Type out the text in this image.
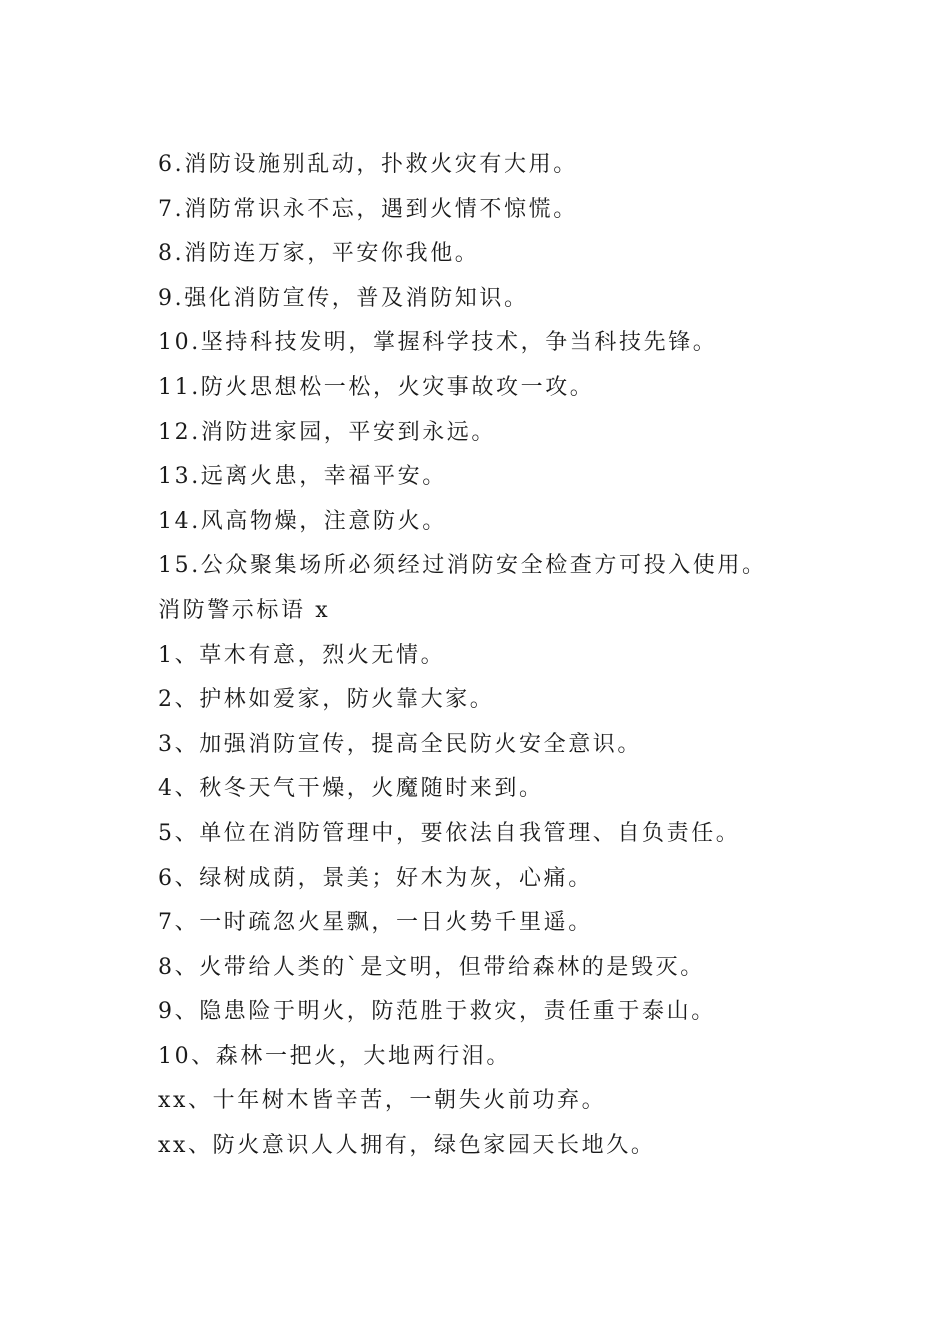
6.消防设施别乱动，扑救火灾有大用。
7.消防常识永不忘，遇到火情不惊慌。
8.消防连万家，平安你我他。
9.强化消防宣传，普及消防知识。
10.坚持科技发明，掌握科学技术，争当科技先锋。
11.防火思想松一松，火灾事故攻一攻。
12.消防进家园，平安到永远。
13.远离火患，幸福平安。
14.风高物燥，注意防火。
15.公众聚集场所必须经过消防安全检查方可投入使用。
消防警示标语 x
1、草木有意，烈火无情。
2、护林如爱家，防火靠大家。
3、加强消防宣传，提高全民防火安全意识。
4、秋冬天气干燥，火魔随时来到。
5、单位在消防管理中，要依法自我管理、自负责任。
6、绿树成荫，景美；好木为灰，心痛。
7、一时疏忽火星飘，一日火势千里遥。
8、火带给人类的`是文明，但带给森林的是毁灭。
9、隐患险于明火，防范胜于救灾，责任重于泰山。
10、森林一把火，大地两行泪。
xx、十年树木皆辛苦，一朝失火前功弃。
xx、防火意识人人拥有，绿色家园天长地久。
